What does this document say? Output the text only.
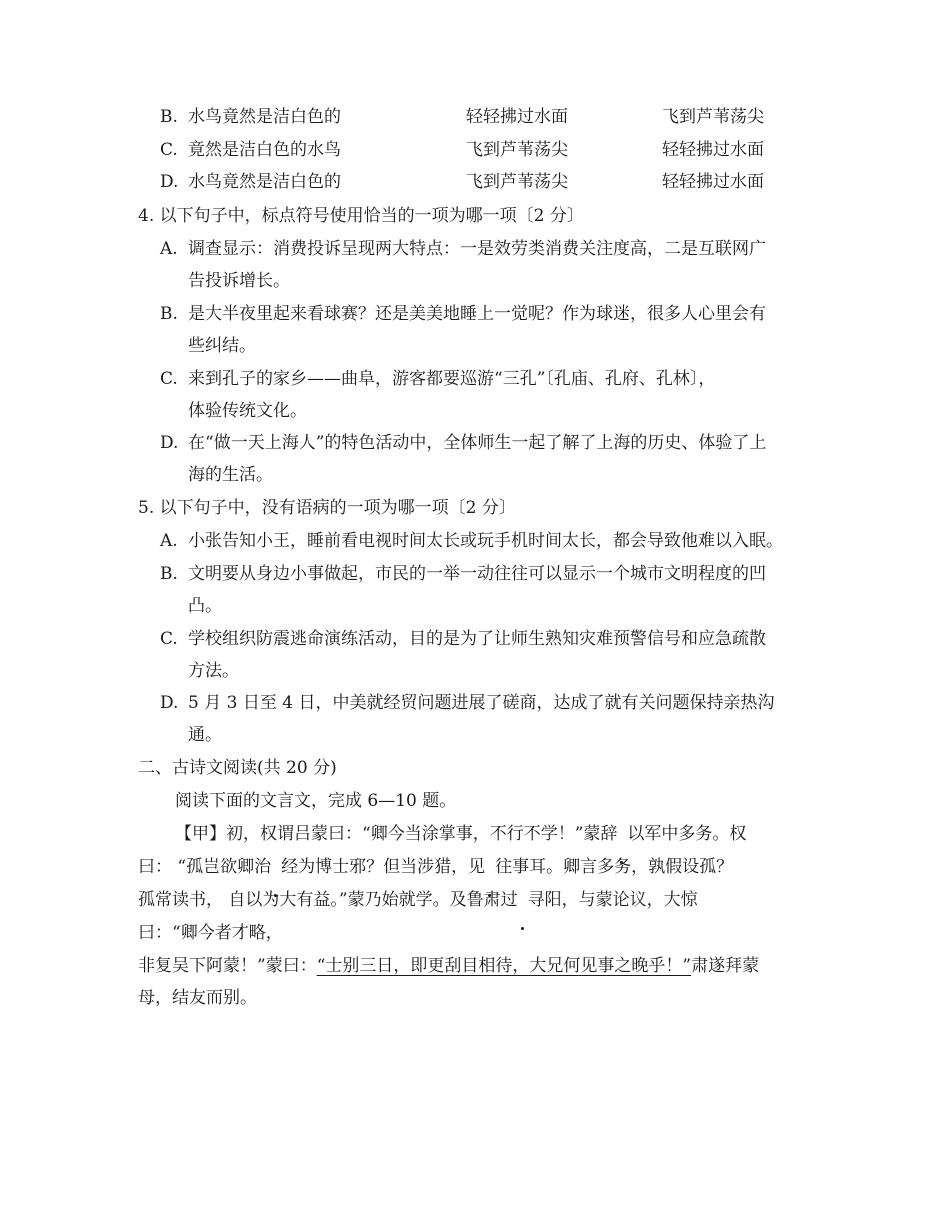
B. 水鸟竟然是洁白色的	轻轻拂过水面	飞到芦苇荡尖
C. 竟然是洁白色的水鸟	飞到芦苇荡尖	轻轻拂过水面
D. 水鸟竟然是洁白色的	飞到芦苇荡尖	轻轻拂过水面
4. 以下句子中，标点符号使用恰当的一项为哪一项〔2 分〕
A. 调查显示：消费投诉呈现两大特点：一是效劳类消费关注度高，二是互联网广
告投诉增长。
B. 是大半夜里起来看球赛？还是美美地睡上一觉呢？作为球迷，很多人心里会有
些纠结。
C. 来到孔子的家乡——曲阜，游客都要巡游“三孔”〔孔庙、孔府、孔林〕，
体验传统文化。
D. 在“做一天上海人”的特色活动中，全体师生一起了解了上海的历史、体验了上
海的生活。
5. 以下句子中，没有语病的一项为哪一项〔2 分〕
A. 小张告知小王，睡前看电视时间太长或玩手机时间太长，都会导致他难以入眠。
B. 文明要从身边小事做起，市民的一举一动往往可以显示一个城市文明程度的凹
凸。
C. 学校组织防震逃命演练活动，目的是为了让师生熟知灾难预警信号和应急疏散
方法。
D. 5 月 3 日至 4 日，中美就经贸问题进展了磋商，达成了就有关问题保持亲热沟
通。
二、古诗文阅读(共 20 分)
阅读下面的文言文，完成 6—10 题。
【甲】初，权谓吕蒙曰：“卿今当涂掌事，不行不学！”蒙辞 以军中多务。权
曰： “孤岂欲卿治 经为博士邪？但当涉猎，见 往事耳。卿言多务，孰假设孤？
孤常读书， 自以为大有益。”蒙乃始就学。及鲁肃过 寻阳，与蒙论议，大惊
曰：“卿今者才略，
非复吴下阿蒙！”蒙曰：“士别三日，即更刮目相待，大兄何见事之晚乎！”肃遂拜蒙
母，结友而别。
